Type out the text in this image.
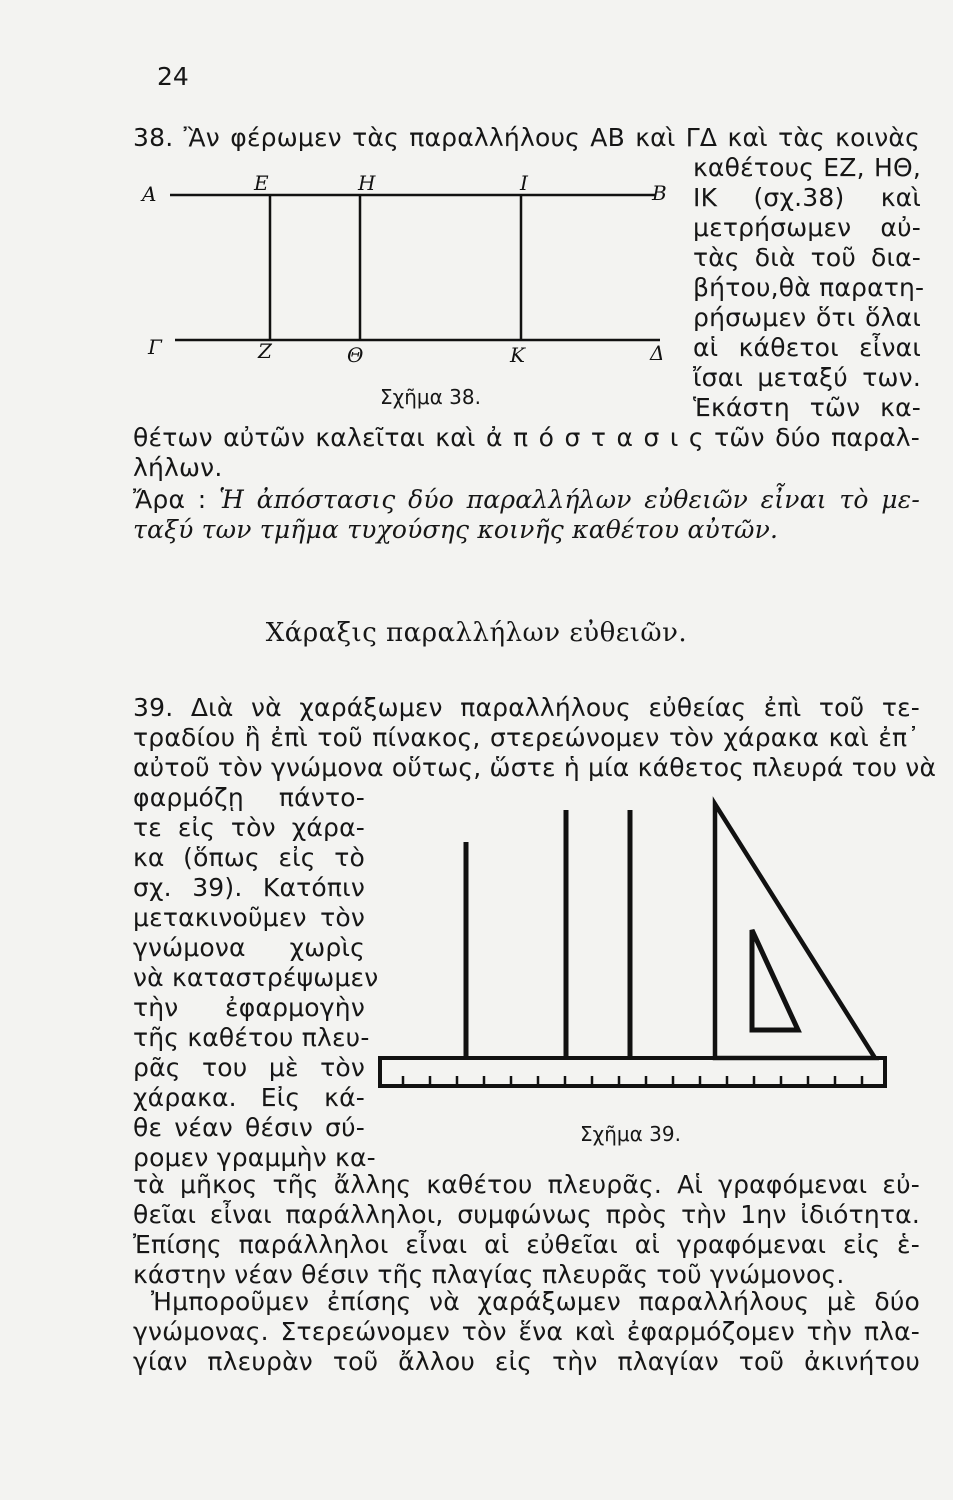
24
38. Ἂν φέρωμεν τὰς παραλλήλους ΑΒ καὶ ΓΔ καὶ τὰς κοινὰς
καθέτους ΕΖ, ΗΘ,
ΙΚ (σχ.38) καὶ
μετρήσωμεν αὐ-
τὰς διὰ τοῦ δια-
βήτου,θὰ παρατη-
ρήσωμεν ὅτι ὅλαι
αἱ κάθετοι εἶναι
ἴσαι μεταξύ των.
Ἑκάστη τῶν κα-
Α	Ε	Η	Ι	Β
Γ	Ζ	Θ	Κ	Δ
Σχῆμα 38.
θέτων αὐτῶν καλεῖται καὶ ἀ π ό σ τ α σ ι ς τῶν δύο παραλ-
λήλων.
Ἄρα : Ἡ ἀπόστασις δύο παραλλήλων εὐθειῶν εἶναι τὸ με-
ταξύ των τμῆμα τυχούσης κοινῆς καθέτου αὐτῶν.
Χάραξις παραλλήλων εὐθειῶν.
39. Διὰ νὰ χαράξωμεν παραλλήλους εὐθείας ἐπὶ τοῦ τε-
τραδίου ἢ ἐπὶ τοῦ πίνακος, στερεώνομεν τὸν χάρακα καὶ ἐπ᾽
αὐτοῦ τὸν γνώμονα οὕτως, ὥστε ἡ μία κάθετος πλευρά του νὰ
φαρμόζῃ πάντο-
τε εἰς τὸν χάρα-
κα (ὅπως εἰς τὸ
σχ. 39). Κατόπιν
μετακινοῦμεν τὸν
γνώμονα χωρὶς
νὰ καταστρέψωμεν
τὴν ἐφαρμογὴν
τῆς καθέτου πλευ-
ρᾶς του μὲ τὸν
χάρακα. Εἰς κά-
θε νέαν θέσιν σύ-
ρομεν γραμμὴν κα-
Σχῆμα 39.
τὰ μῆκος τῆς ἄλλης καθέτου πλευρᾶς. Αἱ γραφόμεναι εὐ-
θεῖαι εἶναι παράλληλοι, συμφώνως πρὸς τὴν 1ην ἰδιότητα.
Ἐπίσης παράλληλοι εἶναι αἱ εὐθεῖαι αἱ γραφόμεναι εἰς ἑ-
κάστην νέαν θέσιν τῆς πλαγίας πλευρᾶς τοῦ γνώμονος.
Ἠμποροῦμεν ἐπίσης νὰ χαράξωμεν παραλλήλους μὲ δύο
γνώμονας. Στερεώνομεν τὸν ἕνα καὶ ἐφαρμόζομεν τὴν πλα-
γίαν πλευρὰν τοῦ ἄλλου εἰς τὴν πλαγίαν τοῦ ἀκινήτου
